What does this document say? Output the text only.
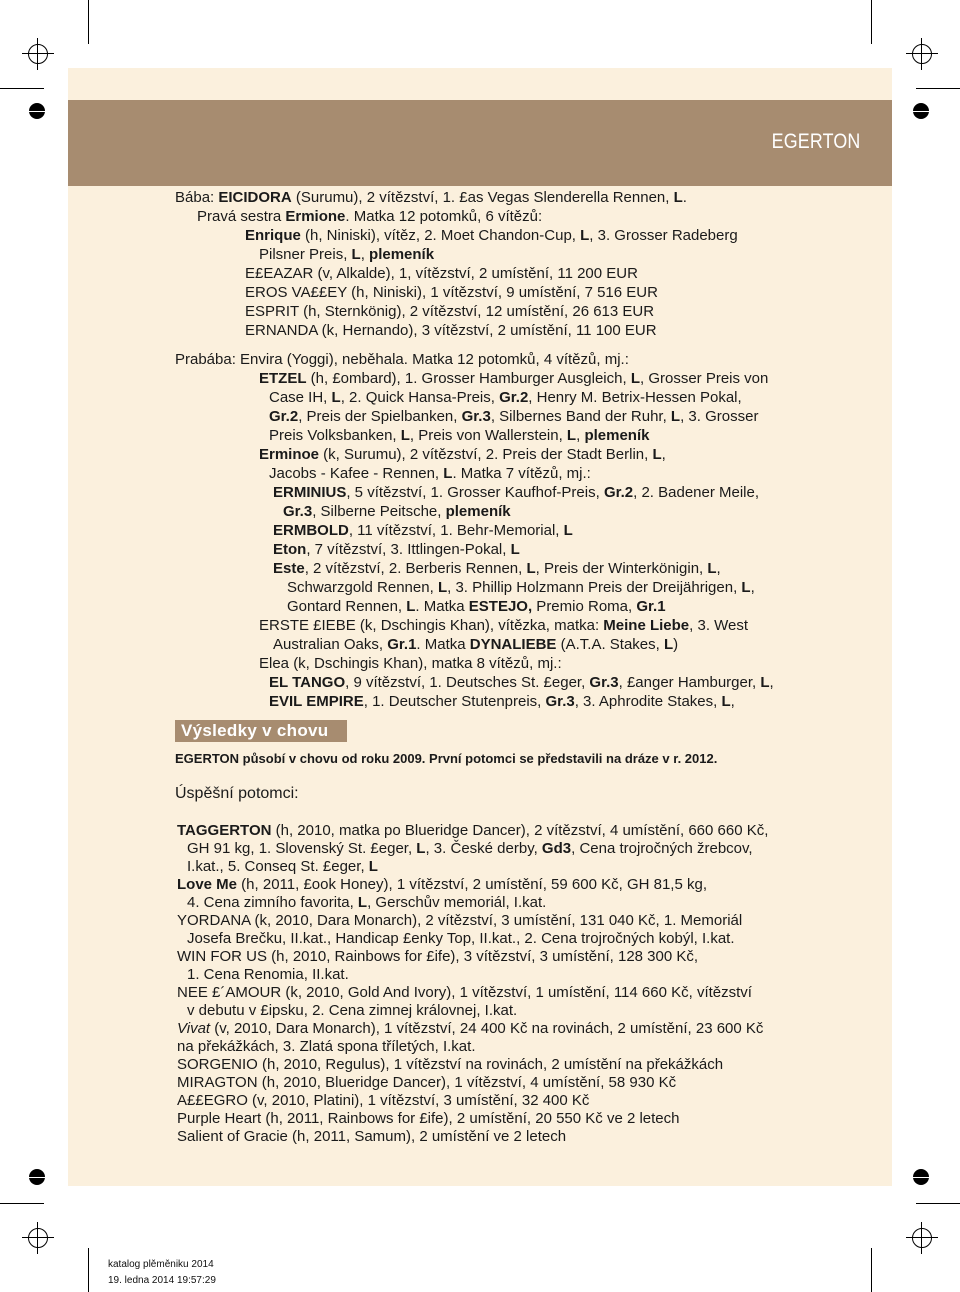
EGERTON
Bába: EICIDORA (Surumu), 2 vítězství, 1. £as Vegas Slenderella Rennen, L.
Pravá sestra Ermione. Matka 12 potomků, 6 vítězů:
Enrique (h, Niniski), vítěz, 2. Moet Chandon-Cup, L, 3. Grosser Radeberg
Pilsner Preis, L, plemeník
E£EAZAR (v, Alkalde), 1, vítězství, 2 umístění, 11 200 EUR
EROS VA££EY (h, Niniski), 1 vítězství, 9 umístění, 7 516 EUR
ESPRIT (h, Sternkönig), 2 vítězství, 12 umístění, 26 613 EUR
ERNANDA (k, Hernando), 3 vítězství, 2 umístění, 11 100 EUR
Prabába: Envira (Yoggi), neběhala. Matka 12 potomků, 4 vítězů, mj.:
ETZEL (h, £ombard), 1. Grosser Hamburger Ausgleich, L, Grosser Preis von
Case IH, L, 2. Quick Hansa-Preis, Gr.2, Henry M. Betrix-Hessen Pokal,
Gr.2, Preis der Spielbanken, Gr.3, Silbernes Band der Ruhr, L, 3. Grosser
Preis Volksbanken, L, Preis von Wallerstein, L, plemeník
Erminoe (k, Surumu), 2 vítězství, 2. Preis der Stadt Berlin, L,
Jacobs - Kafee - Rennen, L. Matka 7 vítězů, mj.:
ERMINIUS, 5 vítězství, 1. Grosser Kaufhof-Preis, Gr.2, 2. Badener Meile,
Gr.3, Silberne Peitsche, plemeník
ERMBOLD, 11 vítězství, 1. Behr-Memorial, L
Eton, 7 vítězství, 3. Ittlingen-Pokal, L
Este, 2 vítězství, 2. Berberis Rennen, L, Preis der Winterkönigin, L,
Schwarzgold Rennen, L, 3. Phillip Holzmann Preis der Dreijährigen, L,
Gontard Rennen, L. Matka ESTEJO, Premio Roma, Gr.1
ERSTE £IEBE (k, Dschingis Khan), vítězka, matka: Meine Liebe, 3. West
Australian Oaks, Gr.1. Matka DYNALIEBE (A.T.A. Stakes, L)
Elea (k, Dschingis Khan), matka 8 vítězů, mj.:
EL TANGO, 9 vítězství, 1. Deutsches St. £eger, Gr.3, £anger Hamburger, L,
EVIL EMPIRE, 1. Deutscher Stutenpreis, Gr.3, 3. Aphrodite Stakes, L,
Výsledky v chovu
EGERTON působí v chovu od roku 2009. První potomci se představili na dráze v r. 2012.
Úspěšní potomci:
TAGGERTON (h, 2010, matka po Blueridge Dancer), 2 vítězství, 4 umístění, 660 660 Kč,
GH 91 kg, 1. Slovenský St. £eger, L, 3. České derby, Gd3, Cena trojročných žrebcov,
I.kat., 5. Conseq St. £eger, L
Love Me (h, 2011, £ook Honey), 1 vítězství, 2 umístění, 59 600 Kč, GH 81,5 kg,
4. Cena zimního favorita, L, Gerschův memoriál, I.kat.
YORDANA (k, 2010, Dara Monarch), 2 vítězství, 3 umístění, 131 040 Kč, 1. Memoriál
Josefa Brečku, II.kat., Handicap £enky Top, II.kat., 2. Cena trojročných kobýl, I.kat.
WIN FOR US (h, 2010, Rainbows for £ife), 3 vítězství, 3 umístění, 128 300 Kč,
1. Cena Renomia, II.kat.
NEE £´AMOUR (k, 2010, Gold And Ivory), 1 vítězství, 1 umístění, 114 660 Kč, vítězství
v debutu v £ipsku, 2. Cena zimnej královnej, I.kat.
Vivat (v, 2010, Dara Monarch), 1 vítězství, 24 400 Kč na rovinách, 2 umístění, 23 600 Kč
na překážkách, 3. Zlatá spona tříletých, I.kat.
SORGENIO (h, 2010, Regulus), 1 vítězství na rovinách, 2 umístění na překážkách
MIRAGTON (h, 2010, Blueridge Dancer), 1 vítězství, 4 umístění, 58 930 Kč
A££EGRO (v, 2010, Platini), 1 vítězství, 3 umístění, 32 400 Kč
Purple Heart (h, 2011, Rainbows for £ife), 2 umístění, 20 550 Kč ve 2 letech
Salient of Gracie (h, 2011, Samum), 2 umístění ve 2 letech
katalog plěměniku 2014
19. ledna 2014 19:57:29
